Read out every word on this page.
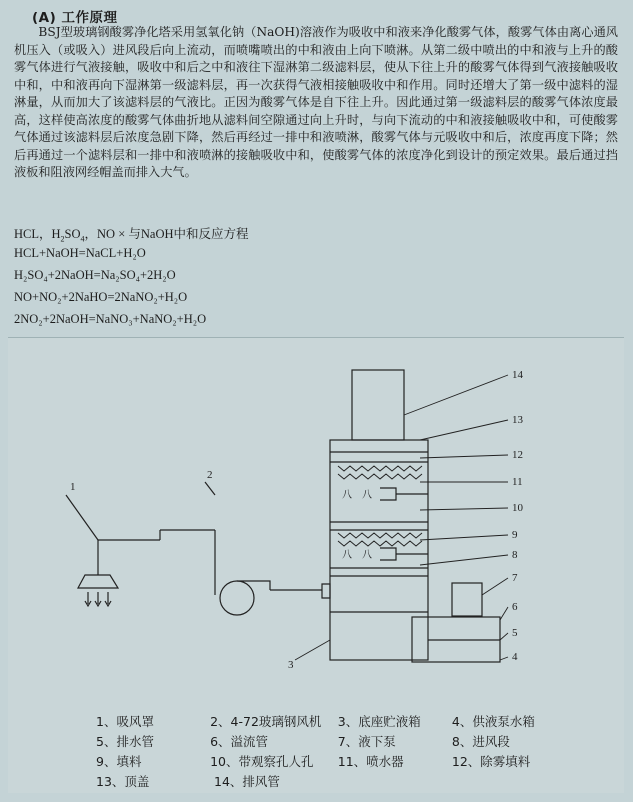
(A) 工作原理

BSJ型玻璃钢酸雾净化塔采用氢氧化钠（NaOH)溶液作为吸收中和液来净化酸雾气体，酸雾气体由离心通风机压入（或吸入）进风段后向上流动，而喷嘴喷出的中和液由上向下喷淋。从第二级中喷出的中和液与上升的酸雾气体进行气液接触，吸收中和后之中和液往下湿淋第二级滤料层，使从下往上升的酸雾气体得到气液接触吸收中和，中和液再向下湿淋第一级滤料层，再一次获得气液相接触吸收中和作用。同时还增大了第一级中滤料的湿淋量，从而加大了该滤料层的气液比。正因为酸雾气体是自下往上升。因此通过第一级滤料层的酸雾气体浓度最高，这样使高浓度的酸雾气体曲折地从滤料间空隙通过向上升时，与向下流动的中和液接触吸收中和，可使酸雾气体通过该滤料层后浓度急剧下降，然后再经过一排中和液喷淋，酸雾气体与元吸收中和后，浓度再度下降；然后再通过一个滤料层和一排中和液喷淋的接触吸收中和，使酸雾气体的浓度净化到设计的预定效果。最后通过挡液板和阻液网经帽盖而排入大气。

HCL，$H_2SO_4$，NO × 与NaOH中和反应方程
HCL+NaOH=NaCL+H₂O
H₂SO₄+2NaOH=Na₂SO₄+2H₂O
NO+NO₂+2NaHO=2NaNO₂+H₂O
2NO₂+2NaOH=NaNO₃+NaNO₂+H₂O
1
2
3
4
5
6
7
8
9
10
11
12
13
14
八 八
八 八
1、吸风罩	2、4-72玻璃钢风机	3、底座贮液箱	4、供液泵水箱
5、排水管	6、溢流管	7、液下泵	8、进风段
9、填料	10、带观察孔人孔	11、喷水器	12、除雾填料
13、顶盖	14、排风管
